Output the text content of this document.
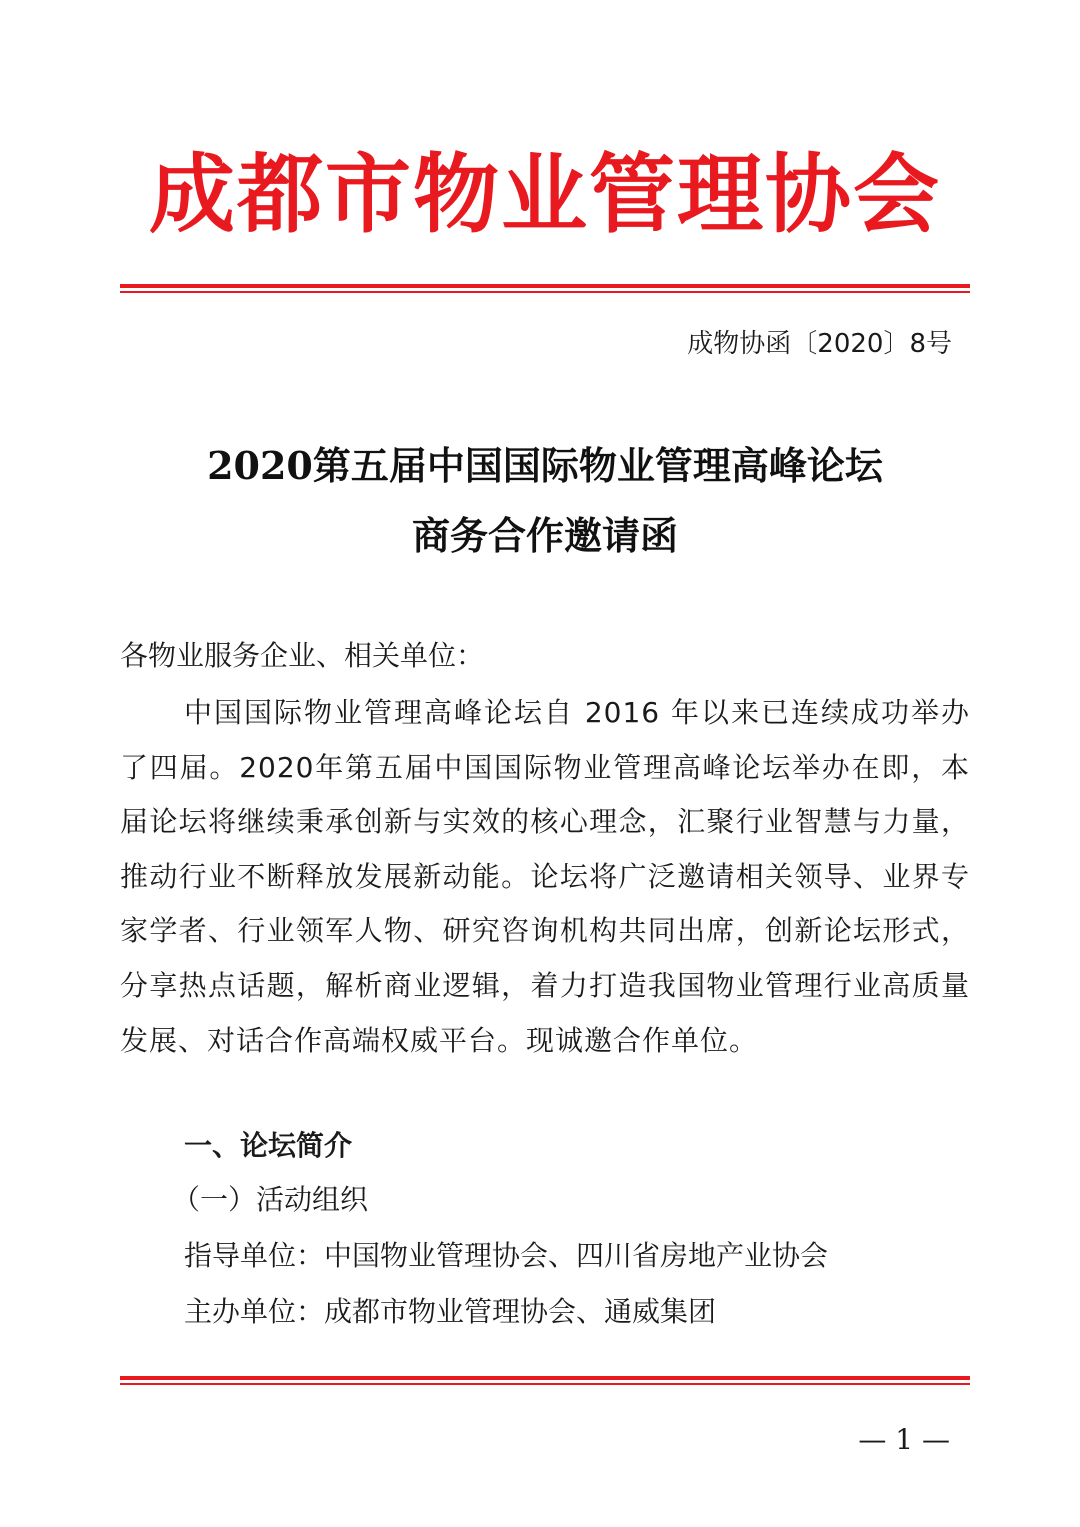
成都市物业管理协会
成物协函〔2020〕8号
2020第五届中国国际物业管理高峰论坛
商务合作邀请函
各物业服务企业、相关单位：
中国国际物业管理高峰论坛自 2016 年以来已连续成功举办了四届。2020年第五届中国国际物业管理高峰论坛举办在即，本届论坛将继续秉承创新与实效的核心理念，汇聚行业智慧与力量，推动行业不断释放发展新动能。论坛将广泛邀请相关领导、业界专家学者、行业领军人物、研究咨询机构共同出席，创新论坛形式，分享热点话题，解析商业逻辑，着力打造我国物业管理行业高质量发展、对话合作高端权威平台。现诚邀合作单位。
一、论坛简介
（一）活动组织
指导单位：中国物业管理协会、四川省房地产业协会
主办单位：成都市物业管理协会、通威集团
— 1 —
